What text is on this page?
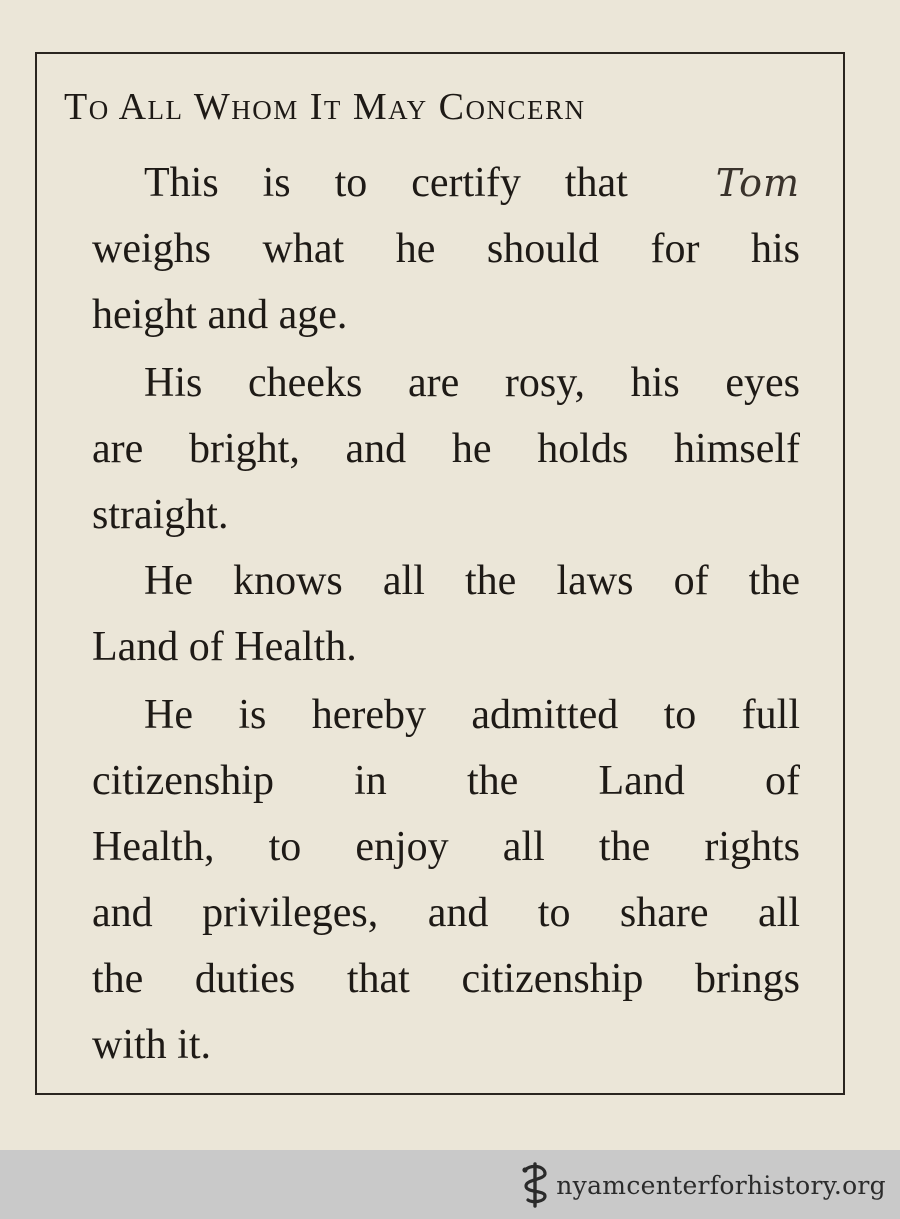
To All Whom It May Concern
This is to certify that Tom
weighs what he should for his
height and age.
His cheeks are rosy, his eyes
are bright, and he holds himself
straight.
He knows all the laws of the
Land of Health.
He is hereby admitted to full
citizenship in the Land of
Health, to enjoy all the rights
and privileges, and to share all
the duties that citizenship brings
with it.
nyamcenterforhistory.org
